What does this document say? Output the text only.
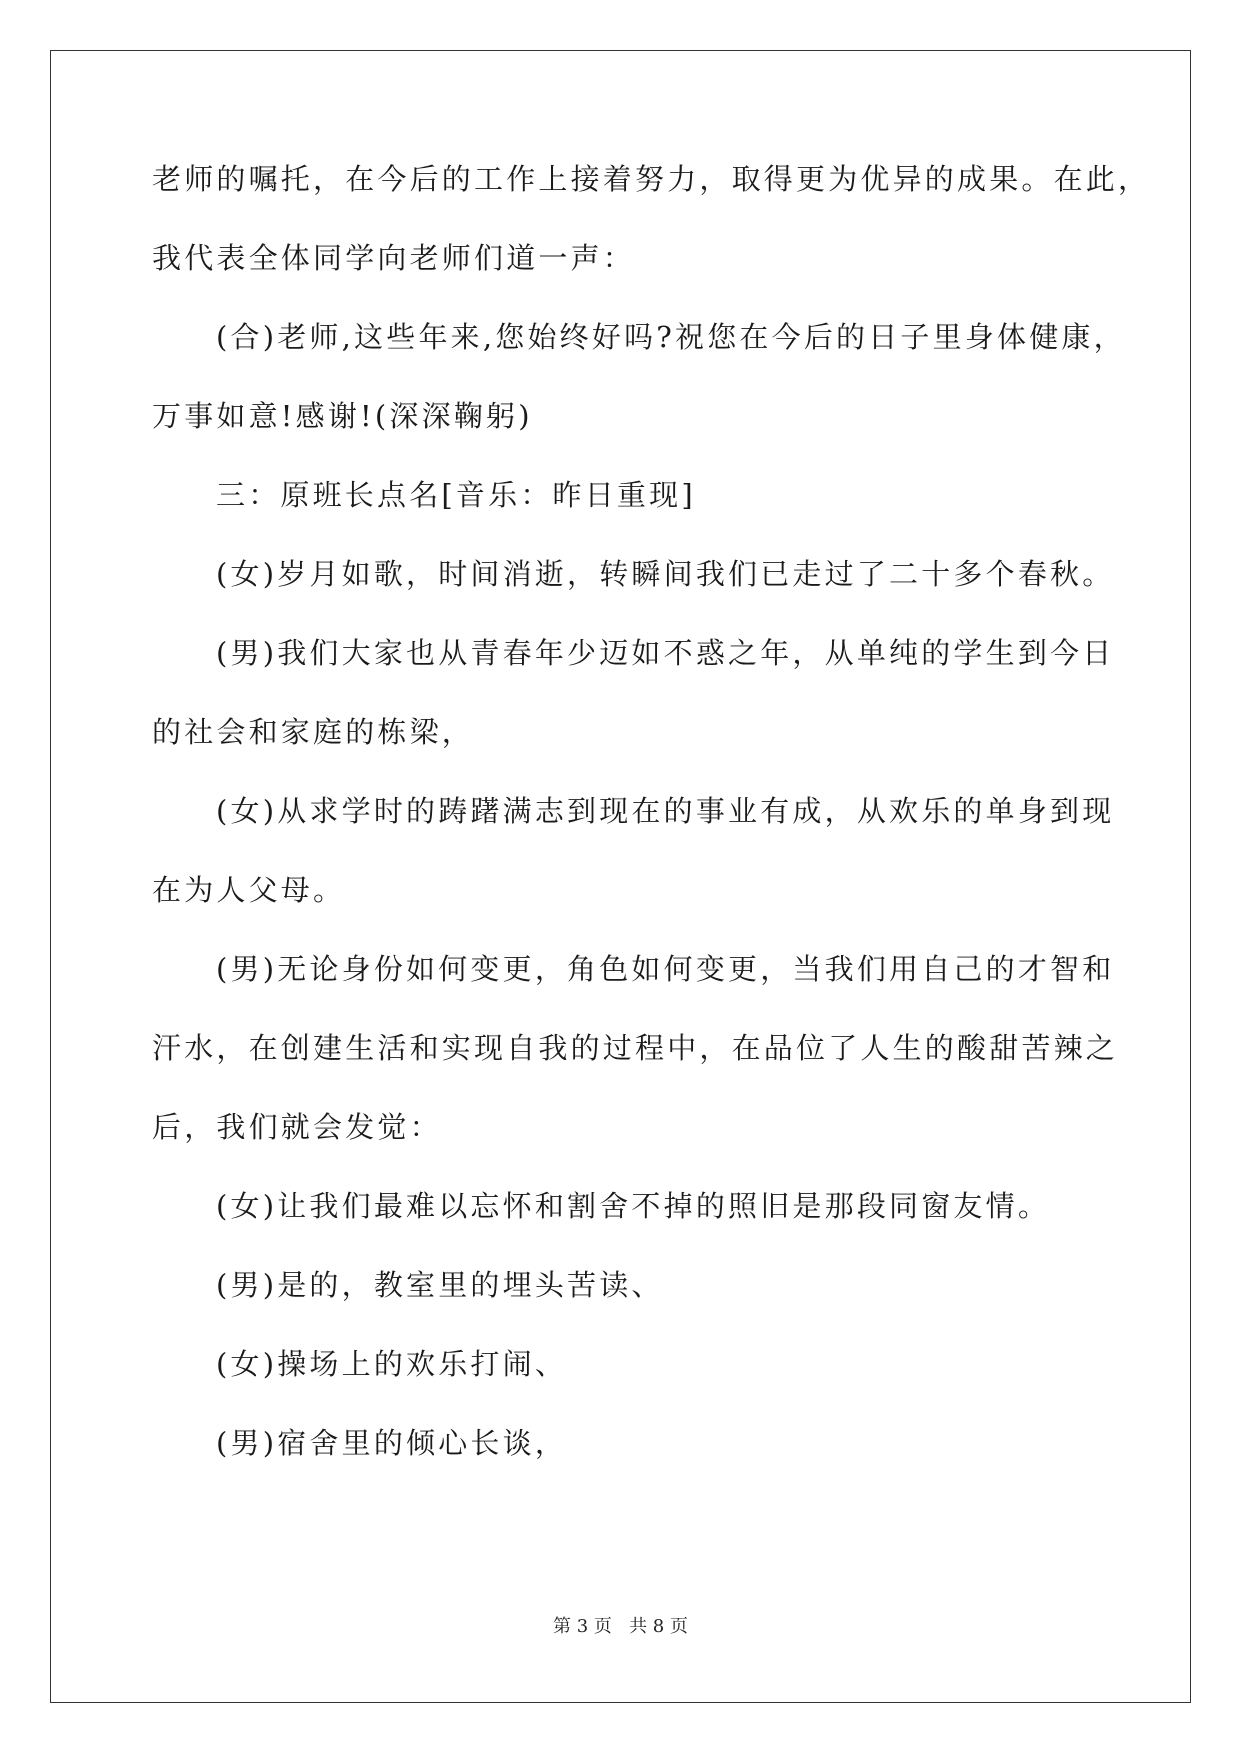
老师的嘱托，在今后的工作上接着努力，取得更为优异的成果。在此，
我代表全体同学向老师们道一声：
(合)老师,这些年来,您始终好吗?祝您在今后的日子里身体健康，
万事如意!感谢!(深深鞠躬)
三：原班长点名[音乐：昨日重现]
(女)岁月如歌，时间消逝，转瞬间我们已走过了二十多个春秋。
(男)我们大家也从青春年少迈如不惑之年，从单纯的学生到今日
的社会和家庭的栋梁，
(女)从求学时的踌躇满志到现在的事业有成，从欢乐的单身到现
在为人父母。
(男)无论身份如何变更，角色如何变更，当我们用自己的才智和
汗水，在创建生活和实现自我的过程中，在品位了人生的酸甜苦辣之
后，我们就会发觉：
(女)让我们最难以忘怀和割舍不掉的照旧是那段同窗友情。
(男)是的，教室里的埋头苦读、
(女)操场上的欢乐打闹、
(男)宿舍里的倾心长谈，
第 3 页   共 8 页
